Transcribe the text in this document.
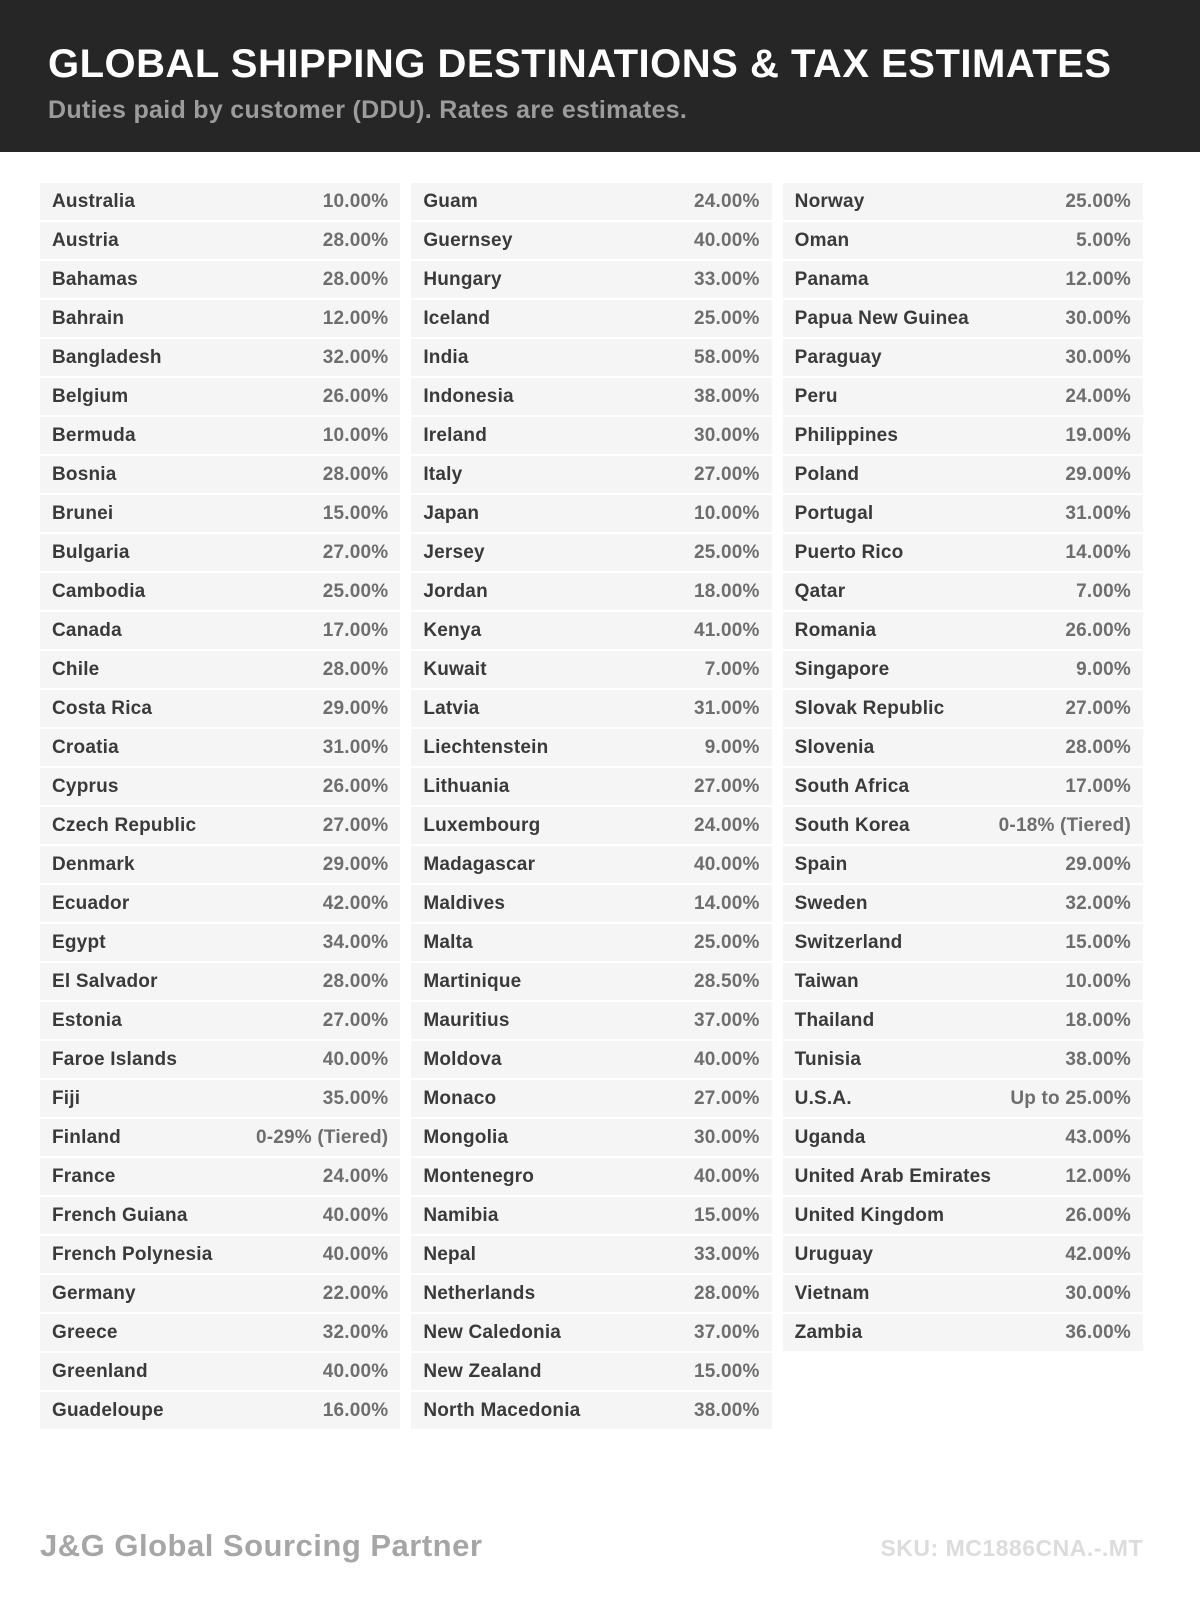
GLOBAL SHIPPING DESTINATIONS & TAX ESTIMATES
Duties paid by customer (DDU). Rates are estimates.
Australia	10.00%
Austria	28.00%
Bahamas	28.00%
Bahrain	12.00%
Bangladesh	32.00%
Belgium	26.00%
Bermuda	10.00%
Bosnia	28.00%
Brunei	15.00%
Bulgaria	27.00%
Cambodia	25.00%
Canada	17.00%
Chile	28.00%
Costa Rica	29.00%
Croatia	31.00%
Cyprus	26.00%
Czech Republic	27.00%
Denmark	29.00%
Ecuador	42.00%
Egypt	34.00%
El Salvador	28.00%
Estonia	27.00%
Faroe Islands	40.00%
Fiji	35.00%
Finland	0-29% (Tiered)
France	24.00%
French Guiana	40.00%
French Polynesia	40.00%
Germany	22.00%
Greece	32.00%
Greenland	40.00%
Guadeloupe	16.00%
Guam	24.00%
Guernsey	40.00%
Hungary	33.00%
Iceland	25.00%
India	58.00%
Indonesia	38.00%
Ireland	30.00%
Italy	27.00%
Japan	10.00%
Jersey	25.00%
Jordan	18.00%
Kenya	41.00%
Kuwait	7.00%
Latvia	31.00%
Liechtenstein	9.00%
Lithuania	27.00%
Luxembourg	24.00%
Madagascar	40.00%
Maldives	14.00%
Malta	25.00%
Martinique	28.50%
Mauritius	37.00%
Moldova	40.00%
Monaco	27.00%
Mongolia	30.00%
Montenegro	40.00%
Namibia	15.00%
Nepal	33.00%
Netherlands	28.00%
New Caledonia	37.00%
New Zealand	15.00%
North Macedonia	38.00%
Norway	25.00%
Oman	5.00%
Panama	12.00%
Papua New Guinea	30.00%
Paraguay	30.00%
Peru	24.00%
Philippines	19.00%
Poland	29.00%
Portugal	31.00%
Puerto Rico	14.00%
Qatar	7.00%
Romania	26.00%
Singapore	9.00%
Slovak Republic	27.00%
Slovenia	28.00%
South Africa	17.00%
South Korea	0-18% (Tiered)
Spain	29.00%
Sweden	32.00%
Switzerland	15.00%
Taiwan	10.00%
Thailand	18.00%
Tunisia	38.00%
U.S.A.	Up to 25.00%
Uganda	43.00%
United Arab Emirates	12.00%
United Kingdom	26.00%
Uruguay	42.00%
Vietnam	30.00%
Zambia	36.00%
J&G Global Sourcing Partner	SKU: MC1886CNA.-.MT
